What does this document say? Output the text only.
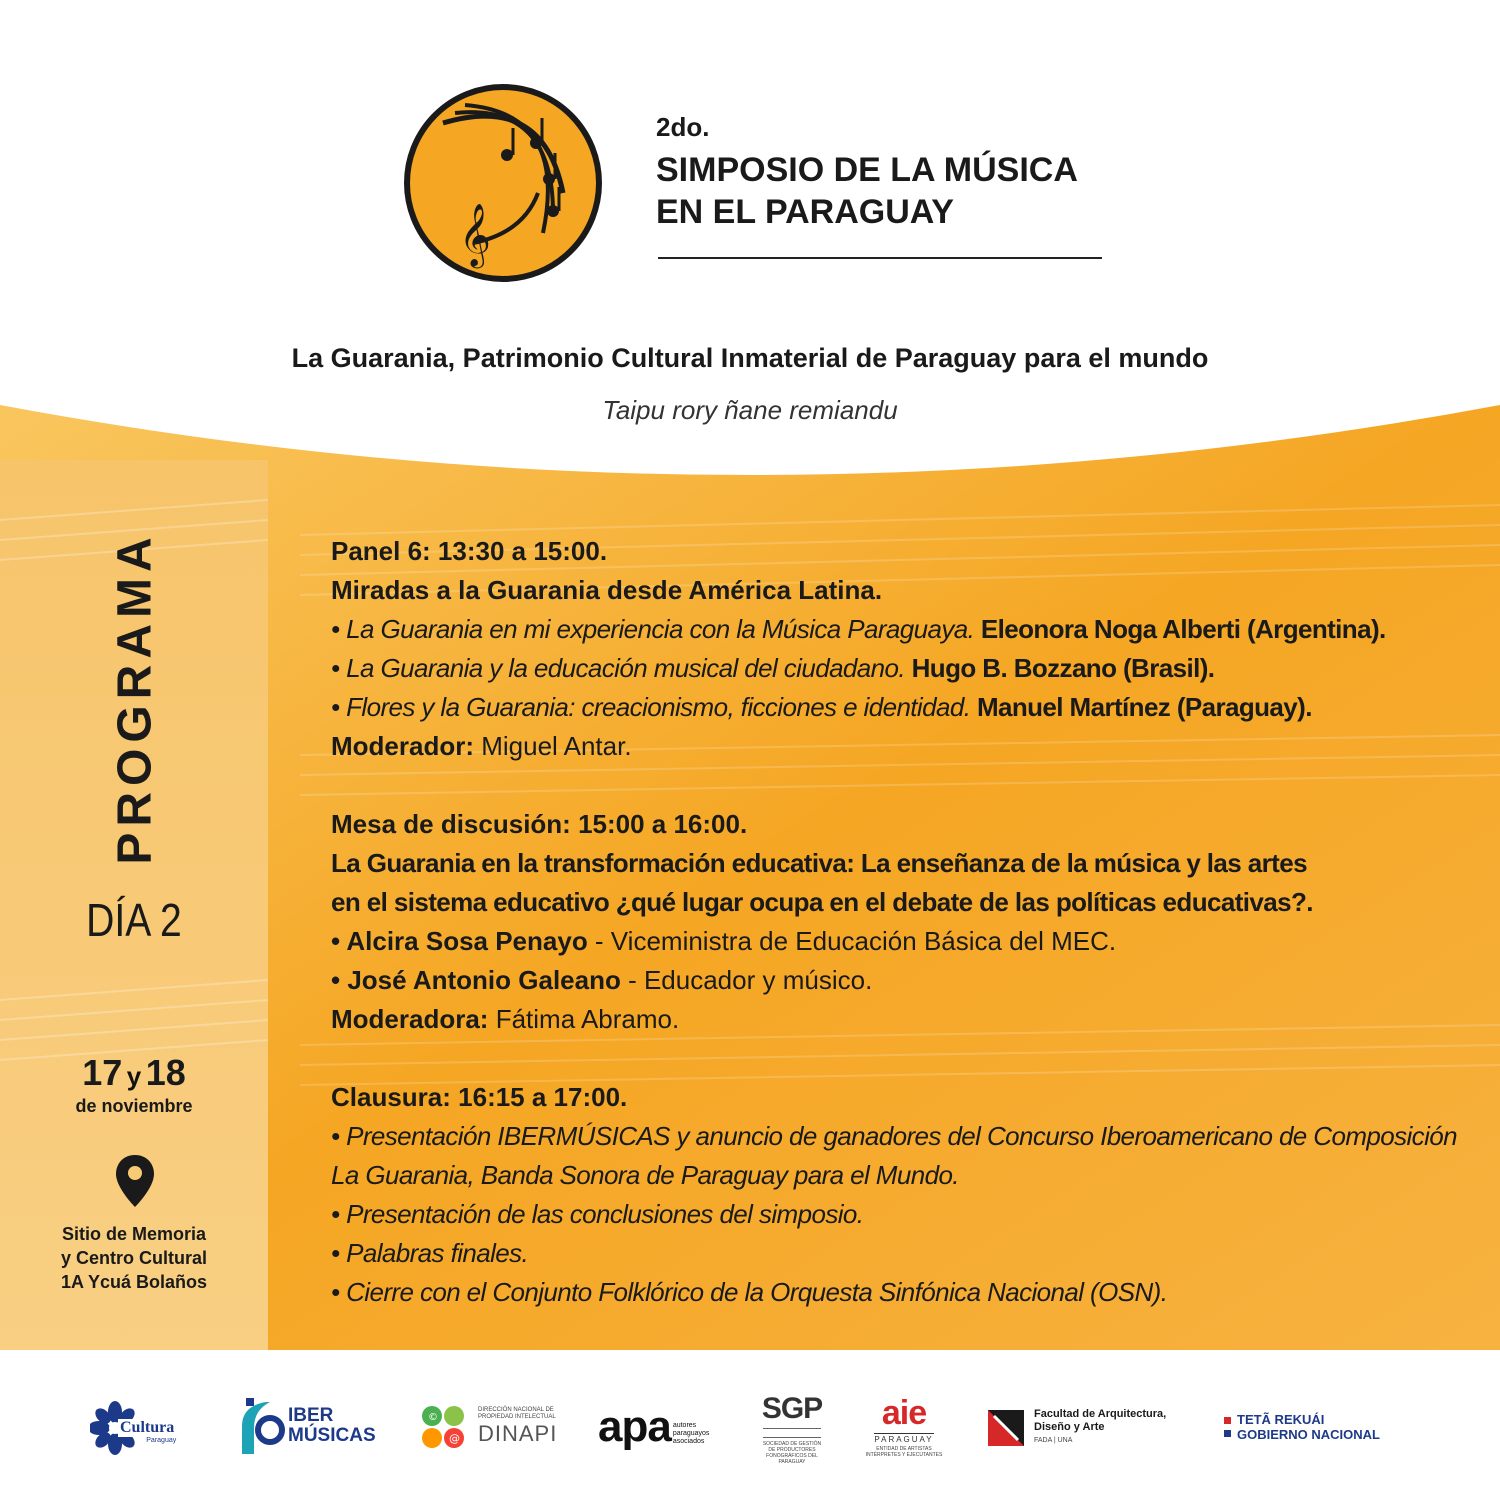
𝄞
2do.
SIMPOSIO DE LA MÚSICA
EN EL PARAGUAY
La Guarania, Patrimonio Cultural Inmaterial de Paraguay para el mundo
Taipu rory ñane remiandu
PROGRAMA
DÍA 2
17 y 18
de noviembre
Sitio de Memoria
y Centro Cultural
1A Ycuá Bolaños
Panel 6: 13:30 a 15:00.
Miradas a la Guarania desde América Latina.
• La Guarania en mi experiencia con la Música Paraguaya. Eleonora Noga Alberti (Argentina).
• La Guarania y la educación musical del ciudadano. Hugo B. Bozzano (Brasil).
• Flores y la Guarania: creacionismo, ficciones e identidad. Manuel Martínez (Paraguay).
Moderador: Miguel Antar.
Mesa de discusión: 15:00 a 16:00.
La Guarania en la transformación educativa: La enseñanza de la música y las artes
en el sistema educativo ¿qué lugar ocupa en el debate de las políticas educativas?.
• Alcira Sosa Penayo - Viceministra de Educación Básica del MEC.
• José Antonio Galeano - Educador y músico.
Moderadora: Fátima Abramo.
Clausura: 16:15 a 17:00.
• Presentación IBERMÚSICAS y anuncio de ganadores del Concurso Iberoamericano de Composición
La Guarania, Banda Sonora de Paraguay para el Mundo.
• Presentación de las conclusiones del simposio.
• Palabras finales.
• Cierre con el Conjunto Folklórico de la Orquesta Sinfónica Nacional (OSN).
Cultura
Paraguay
IBER
MÚSICAS
©
@
DIRECCIÓN NACIONAL DE PROPIEDAD INTELECTUAL
DINAPI apa autores paraguayos asociados
SGP
SOCIEDAD DE GESTIÓN DE PRODUCTORES FONOGRÁFICOS DEL PARAGUAY
aie
PARAGUAY
ENTIDAD DE ARTISTAS INTÉRPRETES Y EJECUTANTES
Facultad de Arquitectura,
Diseño y Arte
FADA | UNA
TETÃ REKUÁI
GOBIERNO NACIONAL
